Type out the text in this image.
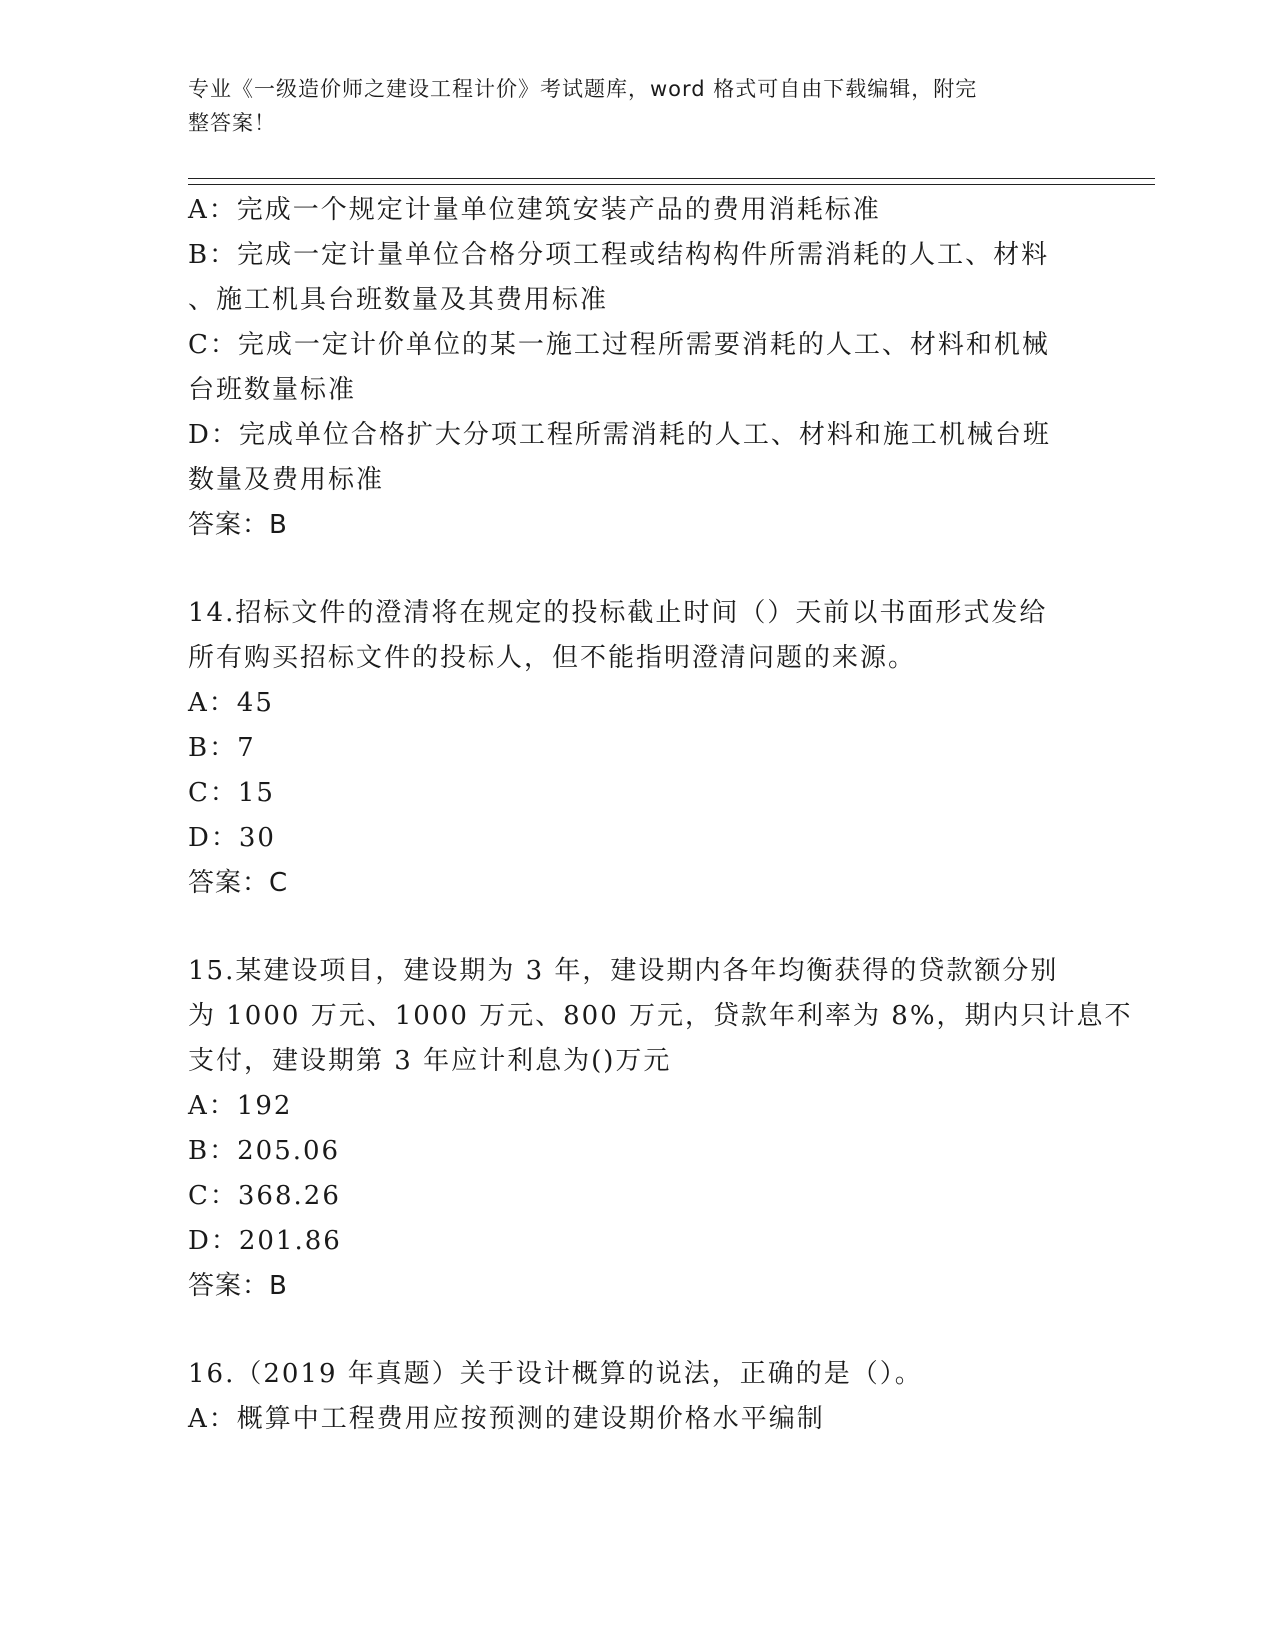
专业《一级造价师之建设工程计价》考试题库，word 格式可自由下载编辑，附完
整答案！
A：完成一个规定计量单位建筑安装产品的费用消耗标准
B：完成一定计量单位合格分项工程或结构构件所需消耗的人工、材料
、施工机具台班数量及其费用标准
C：完成一定计价单位的某一施工过程所需要消耗的人工、材料和机械
台班数量标准
D：完成单位合格扩大分项工程所需消耗的人工、材料和施工机械台班
数量及费用标准
答案：B
14.招标文件的澄清将在规定的投标截止时间（）天前以书面形式发给
所有购买招标文件的投标人，但不能指明澄清问题的来源。
A：45
B：7
C：15
D：30
答案：C
15.某建设项目，建设期为 3 年，建设期内各年均衡获得的贷款额分别
为 1000 万元、1000 万元、800 万元，贷款年利率为 8%，期内只计息不
支付，建设期第 3 年应计利息为()万元
A：192
B：205.06
C：368.26
D：201.86
答案：B
16.（2019 年真题）关于设计概算的说法，正确的是（）。
A：概算中工程费用应按预测的建设期价格水平编制
